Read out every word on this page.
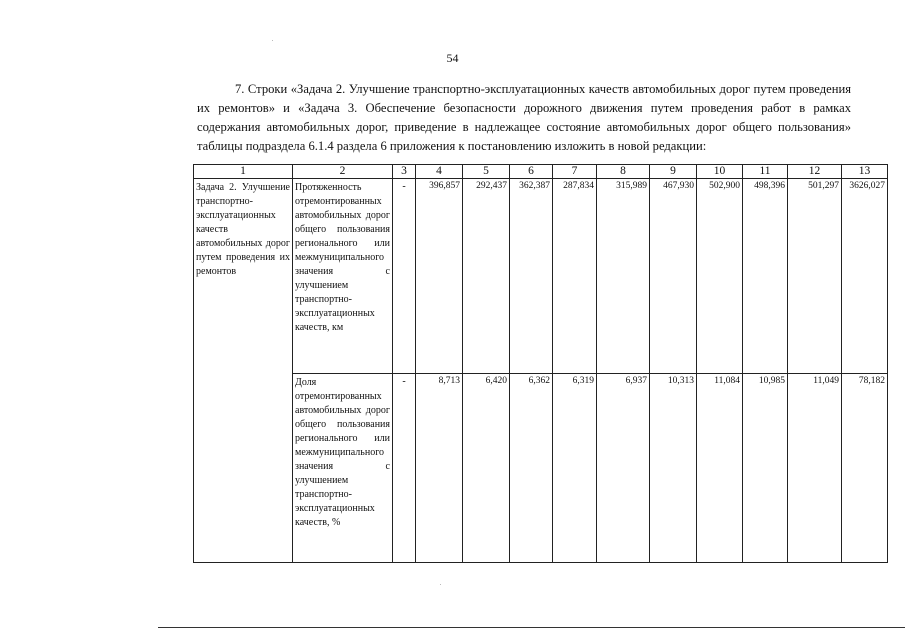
54

7. Строки «Задача 2. Улучшение транспортно-эксплуатационных качеств автомобильных дорог путем проведения их ремонтов» и «Задача 3. Обеспечение безопасности дорожного движения путем проведения работ в рамках содержания автомобильных дорог, приведение в надлежащее состояние автомобильных дорог общего пользования» таблицы подраздела 6.1.4 раздела 6 приложения к постановлению изложить в новой редакции:

1	2	3	4	5	6	7	8	9	10	11	12	13
Задача 2. Улучшение транспортно-эксплуатационных качеств автомобильных дорог путем проведения их ремонтов	Протяженность отремонтированных автомобильных дорог общего пользования регионального или межмуниципального значения с улучшением транспортно-эксплуатационных качеств, км	-	396,857	292,437	362,387	287,834	315,989	467,930	502,900	498,396	501,297	3626,027
	Доля отремонтированных автомобильных дорог общего пользования регионального или межмуниципального значения с улучшением транспортно-эксплуатационных качеств, %	-	8,713	6,420	6,362	6,319	6,937	10,313	11,084	10,985	11,049	78,182
